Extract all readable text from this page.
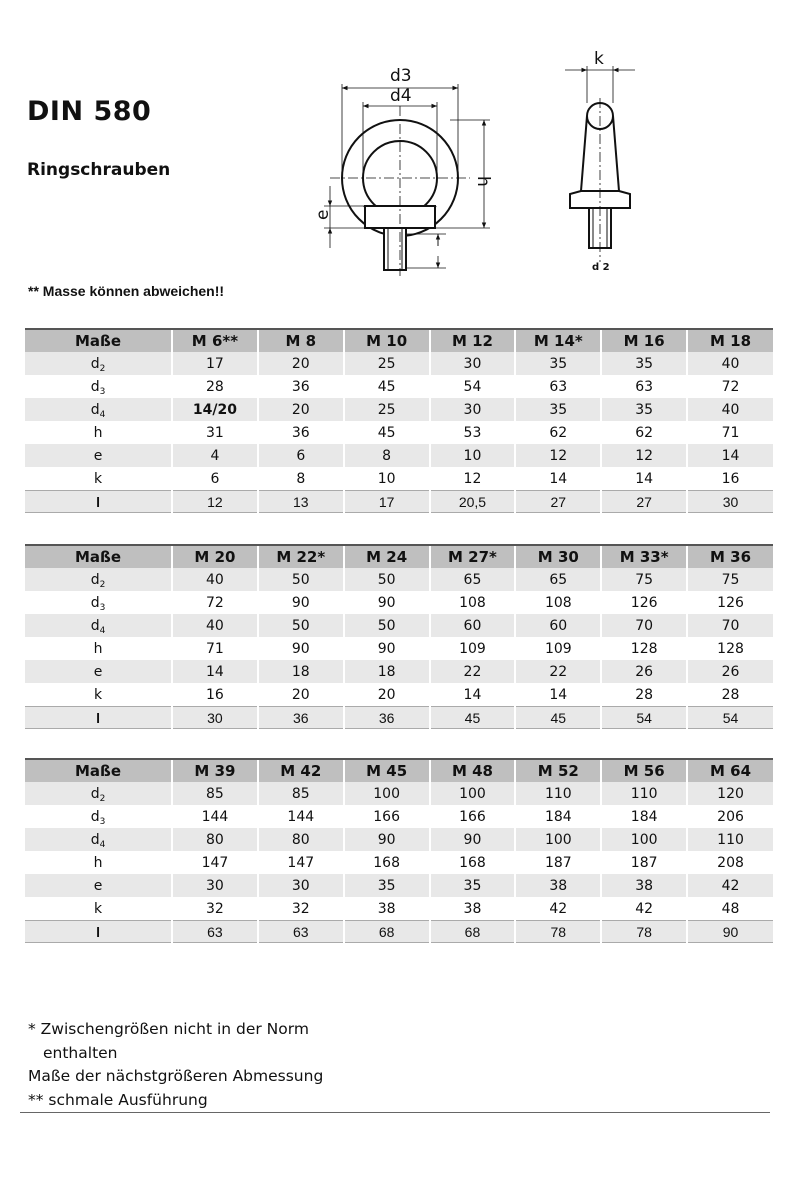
DIN 580
Ringschrauben
d3
d4
h
e
k
d 2
** Masse können abweichen!!
Maße	M 6**	M 8	M 10	M 12	M 14*	M 16	M 18
$d_2$	17	20	25	30	35	35	40
$d_3$	28	36	45	54	63	63	72
$d_4$	14/20	20	25	30	35	35	40
h	31	36	45	53	62	62	71
e	4	6	8	10	12	12	14
k	6	8	10	12	14	14	16
l	12	13	17	20,5	27	27	30
Maße	M 20	M 22*	M 24	M 27*	M 30	M 33*	M 36
$d_2$	40	50	50	65	65	75	75
$d_3$	72	90	90	108	108	126	126
$d_4$	40	50	50	60	60	70	70
h	71	90	90	109	109	128	128
e	14	18	18	22	22	26	26
k	16	20	20	14	14	28	28
l	30	36	36	45	45	54	54
Maße	M 39	M 42	M 45	M 48	M 52	M 56	M 64
$d_2$	85	85	100	100	110	110	120
$d_3$	144	144	166	166	184	184	206
$d_4$	80	80	90	90	100	100	110
h	147	147	168	168	187	187	208
e	30	30	35	35	38	38	42
k	32	32	38	38	42	42	48
l	63	63	68	68	78	78	90
* Zwischengrößen nicht in der Norm
enthalten
Maße der nächstgrößeren Abmessung
** schmale Ausführung
